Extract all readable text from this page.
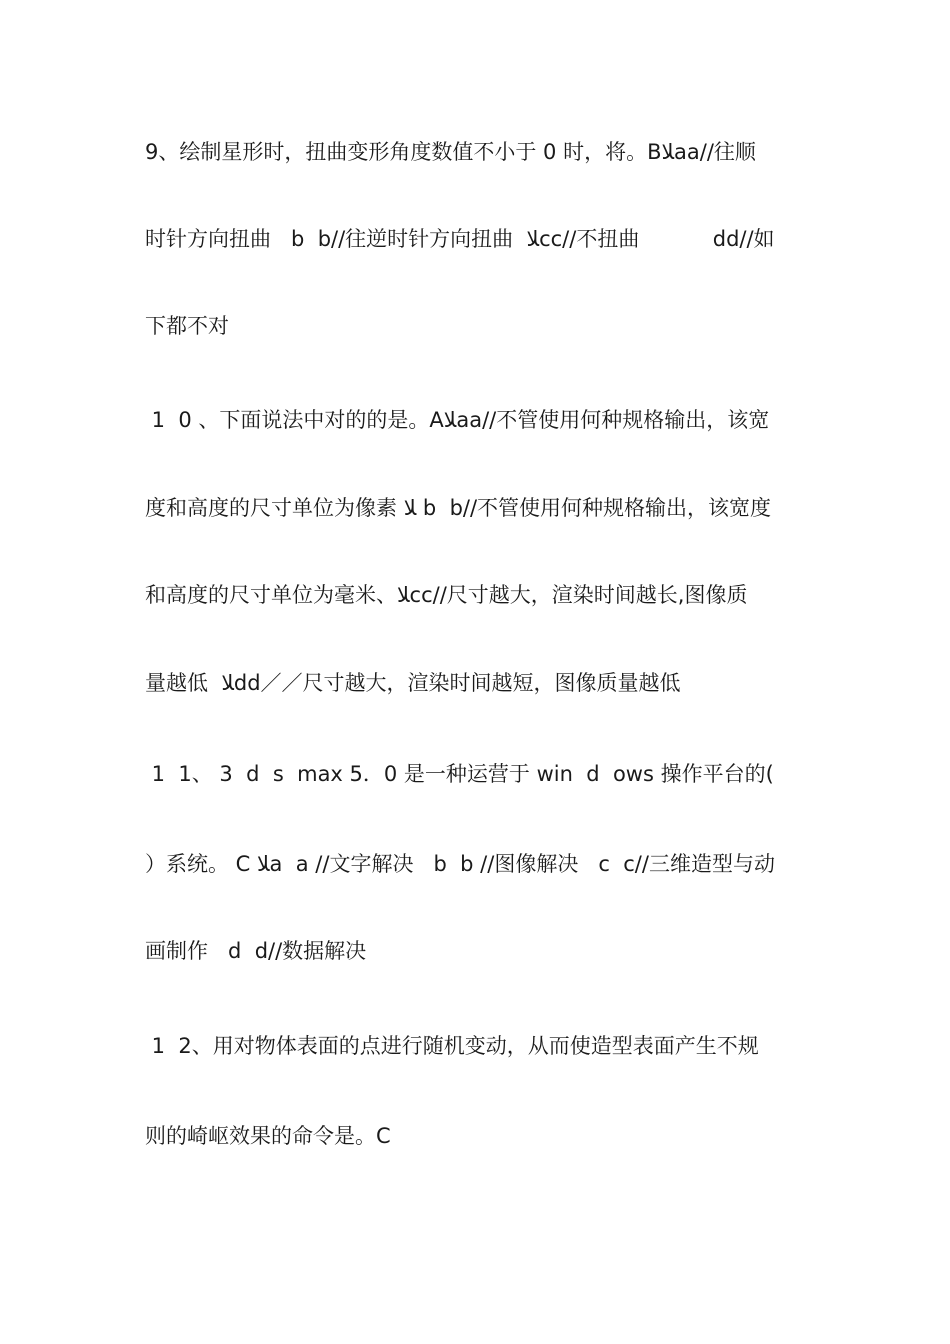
9、绘制星形时，扭曲变形角度数值不小于 0 时，将。B﻿ﻼaa//往顺
时针方向扭曲   b  b//往逆时针方向扭曲  ﻼcc//不扭曲           dd//如
下都不对
1  0 、下面说法中对的的是。Aﻼaa//不管使用何种规格输出，该宽
度和高度的尺寸单位为像素 ﻼ b  b//不管使用何种规格输出，该宽度
和高度的尺寸单位为毫米、ﻼcc//尺寸越大，渲染时间越长,图像质
量越低  ﻼdd／／尺寸越大，渲染时间越短，图像质量越低
1  1、 3  d  s  max 5．0 是一种运营于 win  d  ows 操作平台的(
）系统。 C ﻼa  a //文字解决   b  b //图像解决   c  c//三维造型与动
画制作   d  d//数据解决
1  2、用对物体表面的点进行随机变动，从而使造型表面产生不规
则的崎岖效果的命令是。C
